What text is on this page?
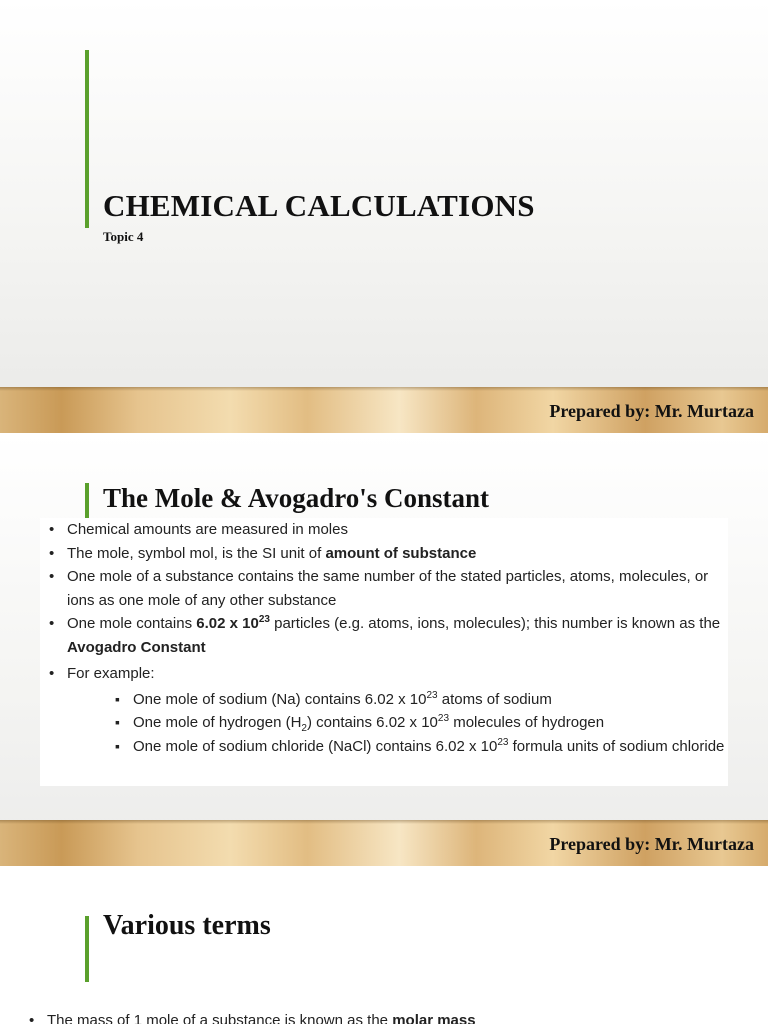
CHEMICAL CALCULATIONS
Topic 4
Prepared by: Mr. Murtaza
The Mole & Avogadro's Constant
• Chemical amounts are measured in moles
• The mole, symbol mol, is the SI unit of amount of substance
• One mole of a substance contains the same number of the stated particles, atoms, molecules, or ions as one mole of any other substance
• One mole contains 6.02 x $10^{23}$ particles (e.g. atoms, ions, molecules); this number is known as the Avogadro Constant
• For example:
▪ One mole of sodium (Na) contains 6.02 x $10^{23}$ atoms of sodium
▪ One mole of hydrogen $(H_2)$ contains 6.02 x $10^{23}$ molecules of hydrogen
▪ One mole of sodium chloride (NaCl) contains 6.02 x $10^{23}$ formula units of sodium chloride
Prepared by: Mr. Murtaza
Various terms
• The mass of 1 mole of a substance is known as the molar mass
